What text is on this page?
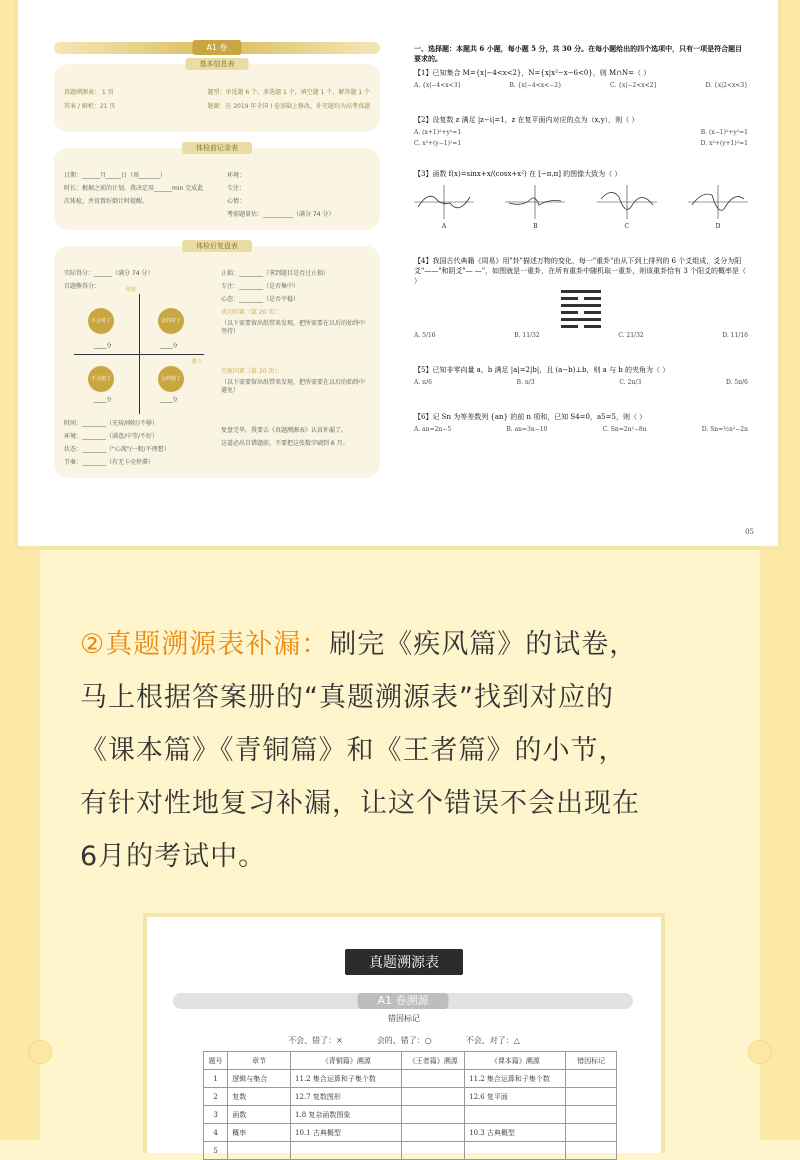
A1 卷
基本信息表
真题溯源表： 1 页	题型：单选题 6 个，多选题 1 个，填空题 1 个，解答题 1 个
答案 / 解析：21 页	题源：在 2019 年全国 I 卷基础上修改，补充题均为高考真题
体检前记录表
日期：______月_____日（周_______）
时长：根据之前的计划，我决定用______min 完成此
次体检，并设置好倒计时提醒。
环境：
专注：
心情：
考前题量估：__________（满分 74 分）
体检后复盘表
实际得分：______（满分 74 分）
百题熊得分：	结果
能力
不会对了	会的对了
不会错了	会的错了
_____分	_____分
_____分	_____分
时间：________（充裕/刚好/不够）
环境：________（满意/中等/不好）
状态：________（"心流"/一般/不理想）
节奏：________（有无卡壳停滞）
止损：________（拿到题目是否过止损）
专注：________（是否集中）
心态：________（是否平稳）
成功因素（第 20 页）：
（以下需要留出纸带来发现，把所需要在以后的始终中坚持）
失败因素（第 20 页）：
（以下需要留出纸带来发现，把所需要在以后的始终中避免）
复盘完毕，我要去《真题溯源表》认真补漏了。
这道必出自错题前，不要把这张数字刷到 6 月。
一、选择题：本题共 6 小题，每小题 5 分，共 30 分。在每小题给出的四个选项中，只有一项是符合题目要求的。
【1】已知集合 M={x|−4<x<2}，N={x|x²−x−6<0}，则 M∩N=（ ）
A. {x|−4<x<3}	B. {x|−4<x<−2}	C. {x|−2<x<2}	D. {x|2<x<3}
【2】设复数 z 满足 |z−i|=1，z 在复平面内对应的点为（x,y），则（ ）
A. (x+1)²+y²=1	B. (x−1)²+y²=1
C. x²+(y−1)²=1	D. x²+(y+1)²=1
【3】函数 f(x)=sinx+x/(cosx+x²) 在 [−π,π] 的图像大致为（ ）
A	B	C	D
【4】我国古代典籍《周易》用"卦"描述万物的变化，每一"重卦"由从下到上排列的 6 个爻组成，爻分为阳爻"——"和阴爻"— —"，如图就是一重卦，在所有重卦中随机取一重卦，则该重卦恰有 3 个阳爻的概率是（ ）
A. 5/16	B. 11/32	C. 21/32	D. 11/16
【5】已知非零向量 a，b 满足 |a|=2|b|，且 (a−b)⊥b，则 a 与 b 的夹角为（ ）
A. π/6	B. π/3	C. 2π/3	D. 5π/6
【6】记 Sn 为等差数列 {an} 的前 n 项和，已知 S4=0，a5=5，则（ ）
A. an=2n−5	B. an=3n−10	C. Sn=2n²−8n	D. Sn=½n²−2n
05
②真题溯源表补漏：刷完《疾风篇》的试卷，
马上根据答案册的“真题溯源表”找到对应的
《课本篇》《青铜篇》和《王者篇》的小节，
有针对性地复习补漏，让这个错误不会出现在
6月的考试中。
真题溯源表
A1 卷溯源
错因标记
不会、错了：×	会的、错了：○	不会、对了：△
题号	章节	《青铜篇》溯源	《王者篇》溯源	《课本篇》溯源	错因标记
1	逻辑与集合	11.2 集合运算和子集个数		11.2 集合运算和子集个数	
2	复数	12.7 复数图形		12.6 复平面	
3	函数	1.8 复杂函数图象			
4	概率	10.1 古典概型		10.3 古典概型	
5					
